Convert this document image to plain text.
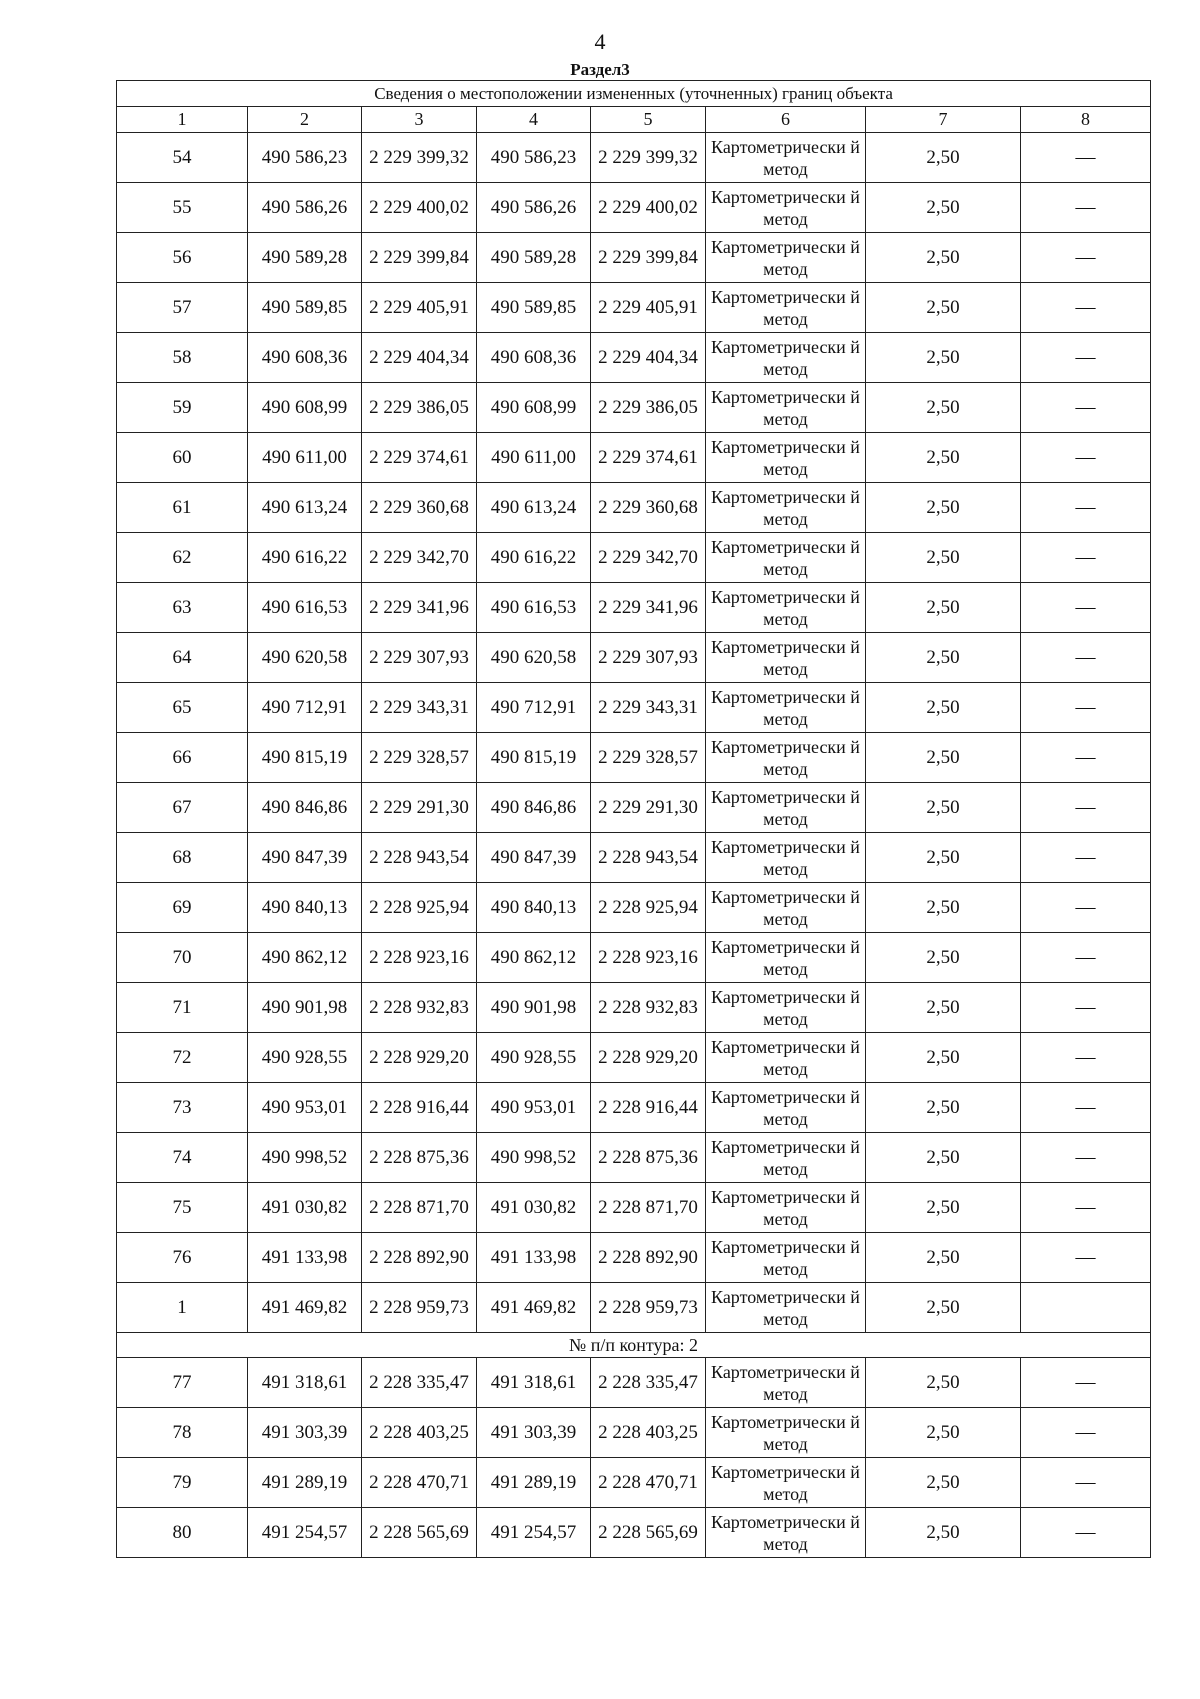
4
Раздел3
Сведения о местоположении измененных (уточненных) границ объекта							
1	2	3	4	5	6	7	8
54	490 586,23	2 229 399,32	490 586,23	2 229 399,32	Картометрически й метод	2,50	—
55	490 586,26	2 229 400,02	490 586,26	2 229 400,02	Картометрически й метод	2,50	—
56	490 589,28	2 229 399,84	490 589,28	2 229 399,84	Картометрически й метод	2,50	—
57	490 589,85	2 229 405,91	490 589,85	2 229 405,91	Картометрически й метод	2,50	—
58	490 608,36	2 229 404,34	490 608,36	2 229 404,34	Картометрически й метод	2,50	—
59	490 608,99	2 229 386,05	490 608,99	2 229 386,05	Картометрически й метод	2,50	—
60	490 611,00	2 229 374,61	490 611,00	2 229 374,61	Картометрически й метод	2,50	—
61	490 613,24	2 229 360,68	490 613,24	2 229 360,68	Картометрически й метод	2,50	—
62	490 616,22	2 229 342,70	490 616,22	2 229 342,70	Картометрически й метод	2,50	—
63	490 616,53	2 229 341,96	490 616,53	2 229 341,96	Картометрически й метод	2,50	—
64	490 620,58	2 229 307,93	490 620,58	2 229 307,93	Картометрически й метод	2,50	—
65	490 712,91	2 229 343,31	490 712,91	2 229 343,31	Картометрически й метод	2,50	—
66	490 815,19	2 229 328,57	490 815,19	2 229 328,57	Картометрически й метод	2,50	—
67	490 846,86	2 229 291,30	490 846,86	2 229 291,30	Картометрически й метод	2,50	—
68	490 847,39	2 228 943,54	490 847,39	2 228 943,54	Картометрически й метод	2,50	—
69	490 840,13	2 228 925,94	490 840,13	2 228 925,94	Картометрически й метод	2,50	—
70	490 862,12	2 228 923,16	490 862,12	2 228 923,16	Картометрически й метод	2,50	—
71	490 901,98	2 228 932,83	490 901,98	2 228 932,83	Картометрически й метод	2,50	—
72	490 928,55	2 228 929,20	490 928,55	2 228 929,20	Картометрически й метод	2,50	—
73	490 953,01	2 228 916,44	490 953,01	2 228 916,44	Картометрически й метод	2,50	—
74	490 998,52	2 228 875,36	490 998,52	2 228 875,36	Картометрически й метод	2,50	—
75	491 030,82	2 228 871,70	491 030,82	2 228 871,70	Картометрически й метод	2,50	—
76	491 133,98	2 228 892,90	491 133,98	2 228 892,90	Картометрически й метод	2,50	—
1	491 469,82	2 228 959,73	491 469,82	2 228 959,73	Картометрически й метод	2,50	
№ п/п контура: 2							
77	491 318,61	2 228 335,47	491 318,61	2 228 335,47	Картометрически й метод	2,50	—
78	491 303,39	2 228 403,25	491 303,39	2 228 403,25	Картометрически й метод	2,50	—
79	491 289,19	2 228 470,71	491 289,19	2 228 470,71	Картометрически й метод	2,50	—
80	491 254,57	2 228 565,69	491 254,57	2 228 565,69	Картометрически й метод	2,50	—
